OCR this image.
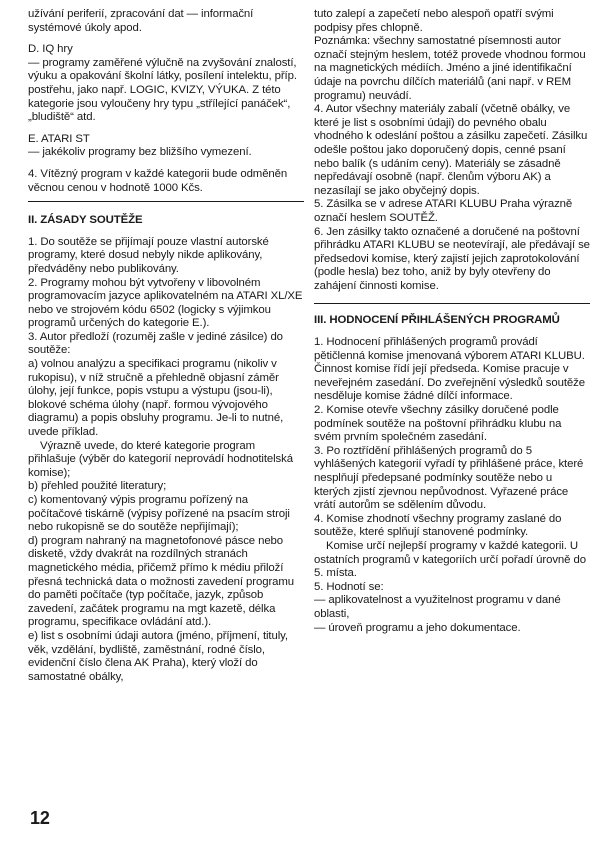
užívání periferií, zpracování dat — informační systémové úkoly apod.

D. IQ hry

— programy zaměřené výlučně na zvyšování znalostí, výuku a opakování školní látky, posílení intelektu, příp. postřehu, jako např. LOGIC, KVIZY, VÝUKA. Z této kategorie jsou vyloučeny hry typu „střílející panáček“, „bludiště“ atd.

E. ATARI ST

— jakékoliv programy bez bližšího vymezení.

4. Vítězný program v každé kategorii bude odměněn věcnou cenou v hodnotě 1000 Kčs.

II. ZÁSADY SOUTĚŽE

1. Do soutěže se přijímají pouze vlastní autorské programy, které dosud nebyly nikde aplikovány, předváděny nebo publikovány.

2. Programy mohou být vytvořeny v libovolném programovacím jazyce aplikovatelném na ATARI XL/XE nebo ve strojovém kódu 6502 (logicky s výjimkou programů určených do kategorie E.).

3. Autor předloží (rozuměj zašle v jediné zásilce) do soutěže:

a) volnou analýzu a specifikaci programu (nikoliv v rukopisu), v níž stručně a přehledně objasní záměr úlohy, její funkce, popis vstupu a výstupu (jsou-li), blokové schéma úlohy (např. formou vývojového diagramu) a popis obsluhy programu. Je-li to nutné, uvede příklad.

Výrazně uvede, do které kategorie program přihlašuje (výběr do kategorií neprovádí hodnotitelská komise);

b) přehled použité literatury;

c) komentovaný výpis programu pořízený na počítačové tiskárně (výpisy pořízené na psacím stroji nebo rukopisně se do soutěže nepřijímají);

d) program nahraný na magnetofonové pásce nebo disketě, vždy dvakrát na rozdílných stranách magnetického média, přičemž přímo k médiu přiloží přesná technická data o možnosti zavedení programu do paměti počítače (typ počítače, jazyk, způsob zavedení, začátek programu na mgt kazetě, délka programu, specifikace ovládání atd.).

e) list s osobními údaji autora (jméno, příjmení, tituly, věk, vzdělání, bydliště, zaměstnání, rodné číslo, evidenční číslo člena AK Praha), který vloží do samostatné obálky,

tuto zalepí a zapečetí nebo alespoň opatří svými podpisy přes chlopně.

Poznámka: všechny samostatné písemnosti autor označí stejným heslem, totéž provede vhodnou formou na magnetických médiích. Jméno a jiné identifikační údaje na povrchu dílčích materiálů (ani např. v REM programu) neuvádí.

4. Autor všechny materiály zabalí (včetně obálky, ve které je list s osobními údaji) do pevného obalu vhodného k odeslání poštou a zásilku zapečetí. Zásilku odešle poštou jako doporučený dopis, cenné psaní nebo balík (s udáním ceny). Materiály se zásadně nepředávají osobně (např. členům výboru AK) a nezasílají se jako obyčejný dopis.

5. Zásilka se v adrese ATARI KLUBU Praha výrazně označí heslem SOUTĚŽ.

6. Jen zásilky takto označené a doručené na poštovní přihrádku ATARI KLUBU se neotevírají, ale předávají se předsedovi komise, který zajistí jejich zaprotokolování (podle hesla) bez toho, aniž by byly otevřeny do zahájení činnosti komise.

III. HODNOCENÍ PŘIHLÁŠENÝCH PROGRAMŮ

1. Hodnocení přihlášených programů provádí pětičlenná komise jmenovaná výborem ATARI KLUBU. Činnost komise řídí její předseda. Komise pracuje v neveřejném zasedání. Do zveřejnění výsledků soutěže nesděluje komise žádné dílčí informace.

2. Komise otevře všechny zásilky doručené podle podmínek soutěže na poštovní přihrádku klubu na svém prvním společném zasedání.

3. Po roztřídění přihlášených programů do 5 vyhlášených kategorií vyřadí ty přihlášené práce, které nesplňují předepsané podmínky soutěže nebo u kterých zjistí zjevnou nepůvodnost. Vyřazené práce vrátí autorům se sdělením důvodu.

4. Komise zhodnotí všechny programy zaslané do soutěže, které splňují stanovené podmínky.

Komise určí nejlepší programy v každé kategorii. U ostatních programů v kategoriích určí pořadí úrovně do 5. místa.

5. Hodnotí se:

— aplikovatelnost a využitelnost programu v dané oblasti,

— úroveň programu a jeho dokumentace.

12
